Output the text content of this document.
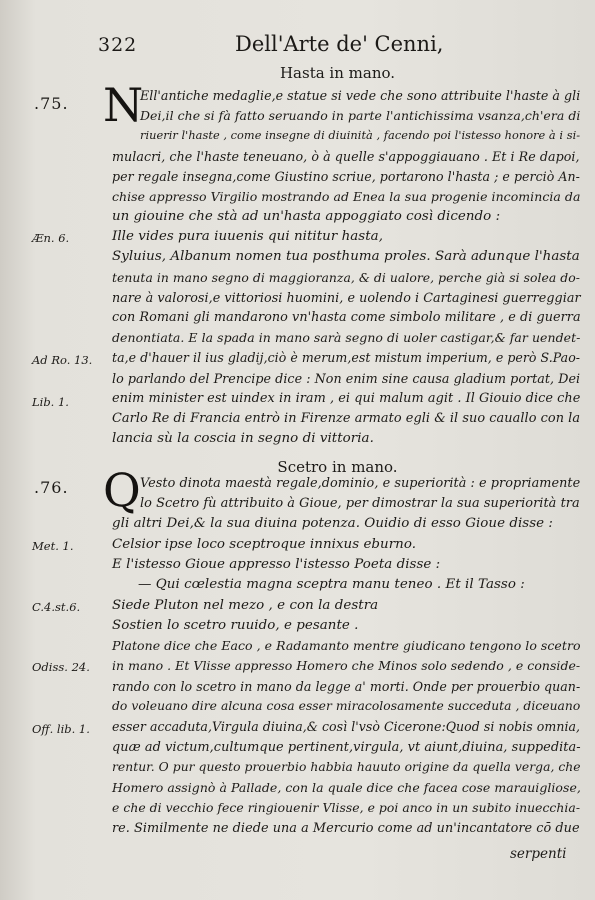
322	Dell'Arte de' Cenni,
Hasta in mano.
.75. N
Ell'antiche medaglie,e statue si vede che sono attribuite l'haste à gli
Dei,il che si fà fatto seruando in parte l'antichissima vsanza,ch'era di
riuerir l'haste , come insegne di diuinità , facendo poi l'istesso honore à i si-
mulacri, che l'haste teneuano, ò à quelle s'appoggiauano . Et i Re dapoi,
per regale insegna,come Giustino scriue, portarono l'hasta ; e perciò An-
chise appresso Virgilio mostrando ad Enea la sua progenie incomincia da
un giouine che stà ad un'hasta appoggiato così dicendo :
Ille vides pura iuuenis qui nititur hasta,
Syluius, Albanum nomen tua posthuma proles. Sarà adunque l'hasta
tenuta in mano segno di maggioranza, & di ualore, perche già si solea do-
nare à valorosi,e vittoriosi huomini, e uolendo i Cartaginesi guerreggiar
con Romani gli mandarono vn'hasta come simbolo militare , e di guerra
denontiata. E la spada in mano sarà segno di uoler castigar,& far uendet-
ta,e d'hauer il ius gladij,ciò è merum,est mistum imperium, e però S.Pao-
lo parlando del Prencipe dice : Non enim sine causa gladium portat, Dei
enim minister est uindex in iram , ei qui malum agit . Il Giouio dice che
Carlo Re di Francia entrò in Firenze armato egli & il suo cauallo con la
lancia sù la coscia in segno di vittoria.
Æn. 6.
Ad Ro. 13.
Lib. 1.
Scetro in mano.
.76. Q Vesto dinota maestà regale,dominio, e superiorità : e propriamente
lo Scetro fù attribuito à Gioue, per dimostrar la sua superiorità tra
gli altri Dei,& la sua diuina potenza. Ouidio di esso Gioue disse :
Celsior ipse loco sceptroque innixus eburno.
E l'istesso Gioue appresso l'istesso Poeta disse :
— Qui cœlestia magna sceptra manu teneo . Et il Tasso :
Siede Pluton nel mezo , e con la destra
Sostien lo scetro ruuido, e pesante .
Platone dice che Eaco , e Radamanto mentre giudicano tengono lo scetro
in mano . Et Vlisse appresso Homero che Minos solo sedendo , e conside-
rando con lo scetro in mano da legge a' morti. Onde per prouerbio quan-
do voleuano dire alcuna cosa esser miracolosamente succeduta , diceuano
esser accaduta,Virgula diuina,& così l'vsò Cicerone:Quod si nobis omnia,
quæ ad victum,cultumque pertinent,virgula, vt aiunt,diuina, suppedita-
rentur. O pur questo prouerbio habbia hauuto origine da quella verga, che
Homero assignò à Pallade, con la quale dice che facea cose marauigliose,
e che di vecchio fece ringiouenir Vlisse, e poi anco in un subito inuecchia-
re. Similmente ne diede una a Mercurio come ad un'incantatore cō due
Met. 1.
C.4.st.6.
Odiss. 24.
Off. lib. 1.
serpenti
